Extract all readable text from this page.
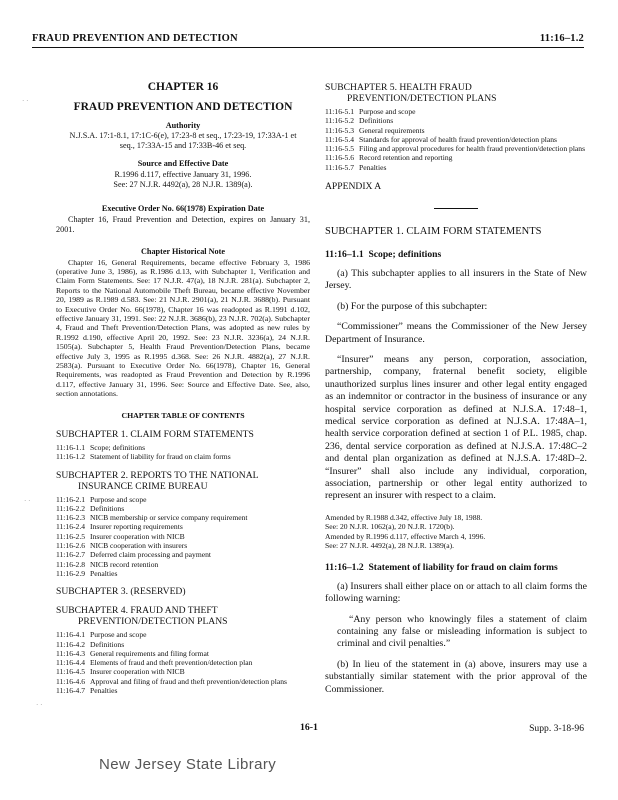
FRAUD PREVENTION AND DETECTION	11:16–1.2
CHAPTER 16
FRAUD PREVENTION AND DETECTION
Authority
N.J.S.A. 17:1-8.1, 17:1C-6(e), 17:23-8 et seq., 17:23-19, 17:33A-1 et seq., 17:33A-15 and 17:33B-46 et seq.
Source and Effective Date
R.1996 d.117, effective January 31, 1996.
See: 27 N.J.R. 4492(a), 28 N.J.R. 1389(a).
Executive Order No. 66(1978) Expiration Date
Chapter 16, Fraud Prevention and Detection, expires on January 31, 2001.
Chapter Historical Note
Chapter 16, General Requirements, became effective February 3, 1986 (operative June 3, 1986), as R.1986 d.13, with Subchapter 1, Verification and Claim Form Statements. See: 17 N.J.R. 47(a), 18 N.J.R. 281(a). Subchapter 2, Reports to the National Automobile Theft Bureau, became effective November 20, 1989 as R.1989 d.583. See: 21 N.J.R. 2901(a), 21 N.J.R. 3688(b). Pursuant to Executive Order No. 66(1978), Chapter 16 was readopted as R.1991 d.102, effective January 31, 1991. See: 22 N.J.R. 3686(b), 23 N.J.R. 702(a). Subchapter 4, Fraud and Theft Prevention/Detection Plans, was adopted as new rules by R.1992 d.190, effective April 20, 1992. See: 23 N.J.R. 3236(a), 24 N.J.R. 1505(a). Subchapter 5, Health Fraud Prevention/Detection Plans, became effective July 3, 1995 as R.1995 d.368. See: 26 N.J.R. 4882(a), 27 N.J.R. 2583(a). Pursuant to Executive Order No. 66(1978), Chapter 16, General Requirements, was readopted as Fraud Prevention and Detection by R.1996 d.117, effective January 31, 1996. See: Source and Effective Date. See, also, section annotations.
CHAPTER TABLE OF CONTENTS
SUBCHAPTER 1. CLAIM FORM STATEMENTS
11:16-1.1 Scope; definitions
11:16-1.2 Statement of liability for fraud on claim forms
SUBCHAPTER 2. REPORTS TO THE NATIONAL
INSURANCE CRIME BUREAU
11:16-2.1 Purpose and scope
11:16-2.2 Definitions
11:16-2.3 NICB membership or service company requirement
11:16-2.4 Insurer reporting requirements
11:16-2.5 Insurer cooperation with NICB
11:16-2.6 NICB cooperation with insurers
11:16-2.7 Deferred claim processing and payment
11:16-2.8 NICB record retention
11:16-2.9 Penalties
SUBCHAPTER 3. (RESERVED)
SUBCHAPTER 4. FRAUD AND THEFT
PREVENTION/DETECTION PLANS
11:16-4.1 Purpose and scope
11:16-4.2 Definitions
11:16-4.3 General requirements and filing format
11:16-4.4 Elements of fraud and theft prevention/detection plan
11:16-4.5 Insurer cooperation with NICB
11:16-4.6 Approval and filing of fraud and theft prevention/detection plans
11:16-4.7 Penalties
SUBCHAPTER 5. HEALTH FRAUD
PREVENTION/DETECTION PLANS
11:16-5.1 Purpose and scope
11:16-5.2 Definitions
11:16-5.3 General requirements
11:16-5.4 Standards for approval of health fraud prevention/detection plans
11:16-5.5 Filing and approval procedures for health fraud prevention/detection plans
11:16-5.6 Record retention and reporting
11:16-5.7 Penalties
APPENDIX A
SUBCHAPTER 1. CLAIM FORM STATEMENTS
11:16–1.1 Scope; definitions
(a) This subchapter applies to all insurers in the State of New Jersey.
(b) For the purpose of this subchapter:
“Commissioner” means the Commissioner of the New Jersey Department of Insurance.
“Insurer” means any person, corporation, association, partnership, company, fraternal benefit society, eligible unauthorized surplus lines insurer and other legal entity engaged as an indemnitor or contractor in the business of insurance or any hospital service corporation as defined at N.J.S.A. 17:48–1, medical service corporation as defined at N.J.S.A. 17:48A–1, health service corporation defined at section 1 of P.L. 1985, chap. 236, dental service corporation as defined at N.J.S.A. 17:48C–2 and dental plan organization as defined at N.J.S.A. 17:48D–2. “Insurer” shall also include any individual, corporation, association, partnership or other legal entity authorized to represent an insurer with respect to a claim.
Amended by R.1988 d.342, effective July 18, 1988.
See: 20 N.J.R. 1062(a), 20 N.J.R. 1720(b).
Amended by R.1996 d.117, effective March 4, 1996.
See: 27 N.J.R. 4492(a), 28 N.J.R. 1389(a).
11:16–1.2 Statement of liability for fraud on claim forms
(a) Insurers shall either place on or attach to all claim forms the following warning:
“Any person who knowingly files a statement of claim containing any false or misleading information is subject to criminal and civil penalties.”
(b) In lieu of the statement in (a) above, insurers may use a substantially similar statement with the prior approval of the Commissioner.
16-1	Supp. 3-18-96
New Jersey State Library
· ·
· ·
· ·
